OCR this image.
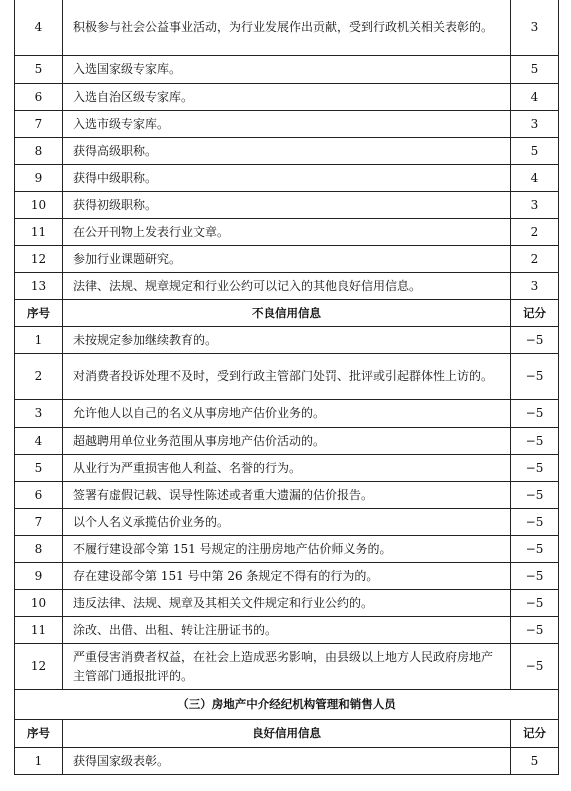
4	积极参与社会公益事业活动，为行业发展作出贡献，受到行政机关相关表彰的。	3
5	入选国家级专家库。	5
6	入选自治区级专家库。	4
7	入选市级专家库。	3
8	获得高级职称。	5
9	获得中级职称。	4
10	获得初级职称。	3
11	在公开刊物上发表行业文章。	2
12	参加行业课题研究。	2
13	法律、法规、规章规定和行业公约可以记入的其他良好信用信息。	3
序号	不良信用信息	记分
1	未按规定参加继续教育的。	−5
2	对消费者投诉处理不及时，受到行政主管部门处罚、批评或引起群体性上访的。	−5
3	允许他人以自己的名义从事房地产估价业务的。	−5
4	超越聘用单位业务范围从事房地产估价活动的。	−5
5	从业行为严重损害他人利益、名誉的行为。	−5
6	签署有虚假记载、误导性陈述或者重大遗漏的估价报告。	−5
7	以个人名义承揽估价业务的。	−5
8	不履行建设部令第 151 号规定的注册房地产估价师义务的。	−5
9	存在建设部令第 151 号中第 26 条规定不得有的行为的。	−5
10	违反法律、法规、规章及其相关文件规定和行业公约的。	−5
11	涂改、出借、出租、转让注册证书的。	−5
12	严重侵害消费者权益，在社会上造成恶劣影响，由县级以上地方人民政府房地产主管部门通报批评的。	−5
（三）房地产中介经纪机构管理和销售人员		
序号	良好信用信息	记分
1	获得国家级表彰。	5
